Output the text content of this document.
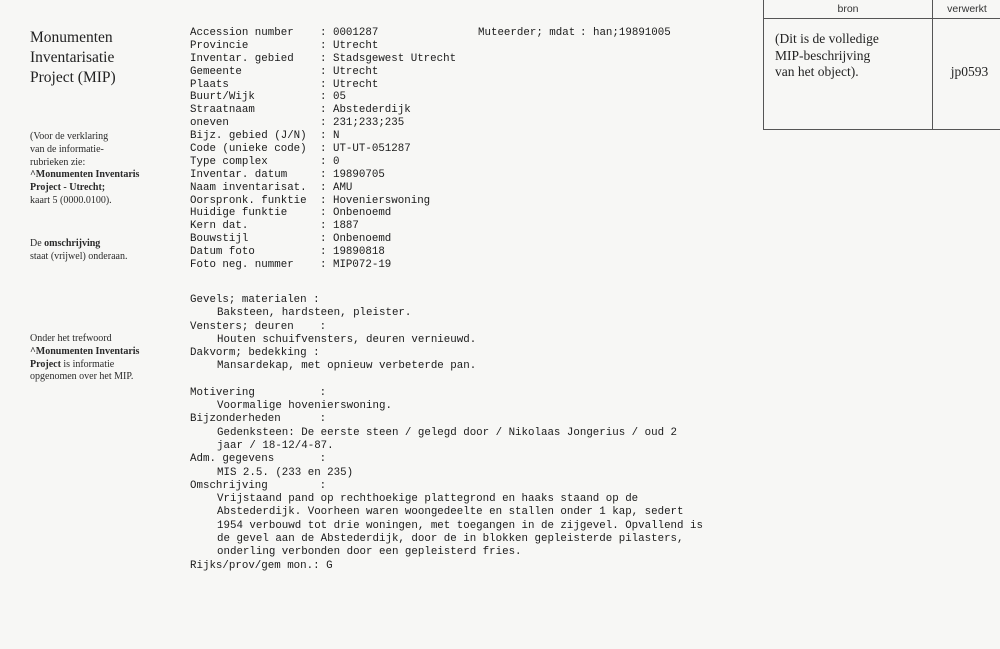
Monumenten
Inventarisatie
Project (MIP)

(Voor de verklaring

van de informatie-

rubrieken zie:

^Monumenten Inventaris

Project - Utrecht;

kaart 5 (0000.0100).

De omschrijving

staat (vrijwel) onderaan.

Onder het trefwoord

^Monumenten Inventaris

Project is informatie

opgenomen over het MIP.

bron	verwerkt
(Dit is de volledige
MIP-beschrijving
van het object).	jp0593
Accession number : 0001287	Muteerder; mdat : han;19891005
Provincie	: Utrecht
Inventar. gebied : Stadsgewest Utrecht
Gemeente	: Utrecht
Plaats	: Utrecht
Buurt/Wijk	: 05
Straatnaam	: Abstederdijk
oneven	: 231;233;235
Bijz. gebied (J/N) : N
Code (unieke code) : UT-UT-051287
Type complex	: 0
Inventar. datum	: 19890705
Naam inventarisat. : AMU
Oorspronk. funktie : Hovenierswoning
Huidige funktie	: Onbenoemd
Kern dat.	: 1887
Bouwstijl	: Onbenoemd
Datum foto	: 19890818
Foto neg. nummer : MIP072-19
Gevels; materialen :
Baksteen, hardsteen, pleister.
Vensters; deuren    :
Houten schuifvensters, deuren vernieuwd.
Dakvorm; bedekking :
Mansardekap, met opnieuw verbeterde pan.
Motivering          :
Voormalige hovenierswoning.
Bijzonderheden      :
Gedenksteen: De eerste steen / gelegd door / Nikolaas Jongerius / oud 2
jaar / 18-12/4-87.
Adm. gegevens       :
MIS 2.5. (233 en 235)
Omschrijving        :
Vrijstaand pand op rechthoekige plattegrond en haaks staand op de
Abstederdijk. Voorheen waren woongedeelte en stallen onder 1 kap, sedert
1954 verbouwd tot drie woningen, met toegangen in de zijgevel. Opvallend is
de gevel aan de Abstederdijk, door de in blokken gepleisterde pilasters,
onderling verbonden door een gepleisterd fries.
Rijks/prov/gem mon.: G
